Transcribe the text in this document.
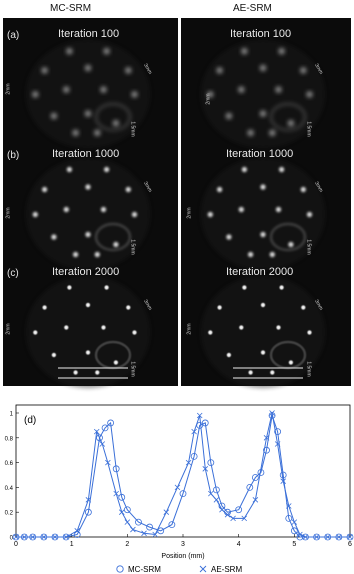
MC-SRM	AE-SRM
(a)	Iteration 100	Iteration 100
(b)	Iteration 1000	Iteration 1000
(c)	Iteration 2000	Iteration 2000
2mm
3mm
1.5mm
2mm
3mm
1.5mm
2mm
3mm
1.5mm
2mm
3mm
1.5mm
2mm
3mm
1.5mm
2mm
3mm
1.5mm
(d)
0	1	2	3	4	5	6
0
0.2
0.4
0.6
0.8
1
Position (mm)
MC-SRM	AE-SRM
